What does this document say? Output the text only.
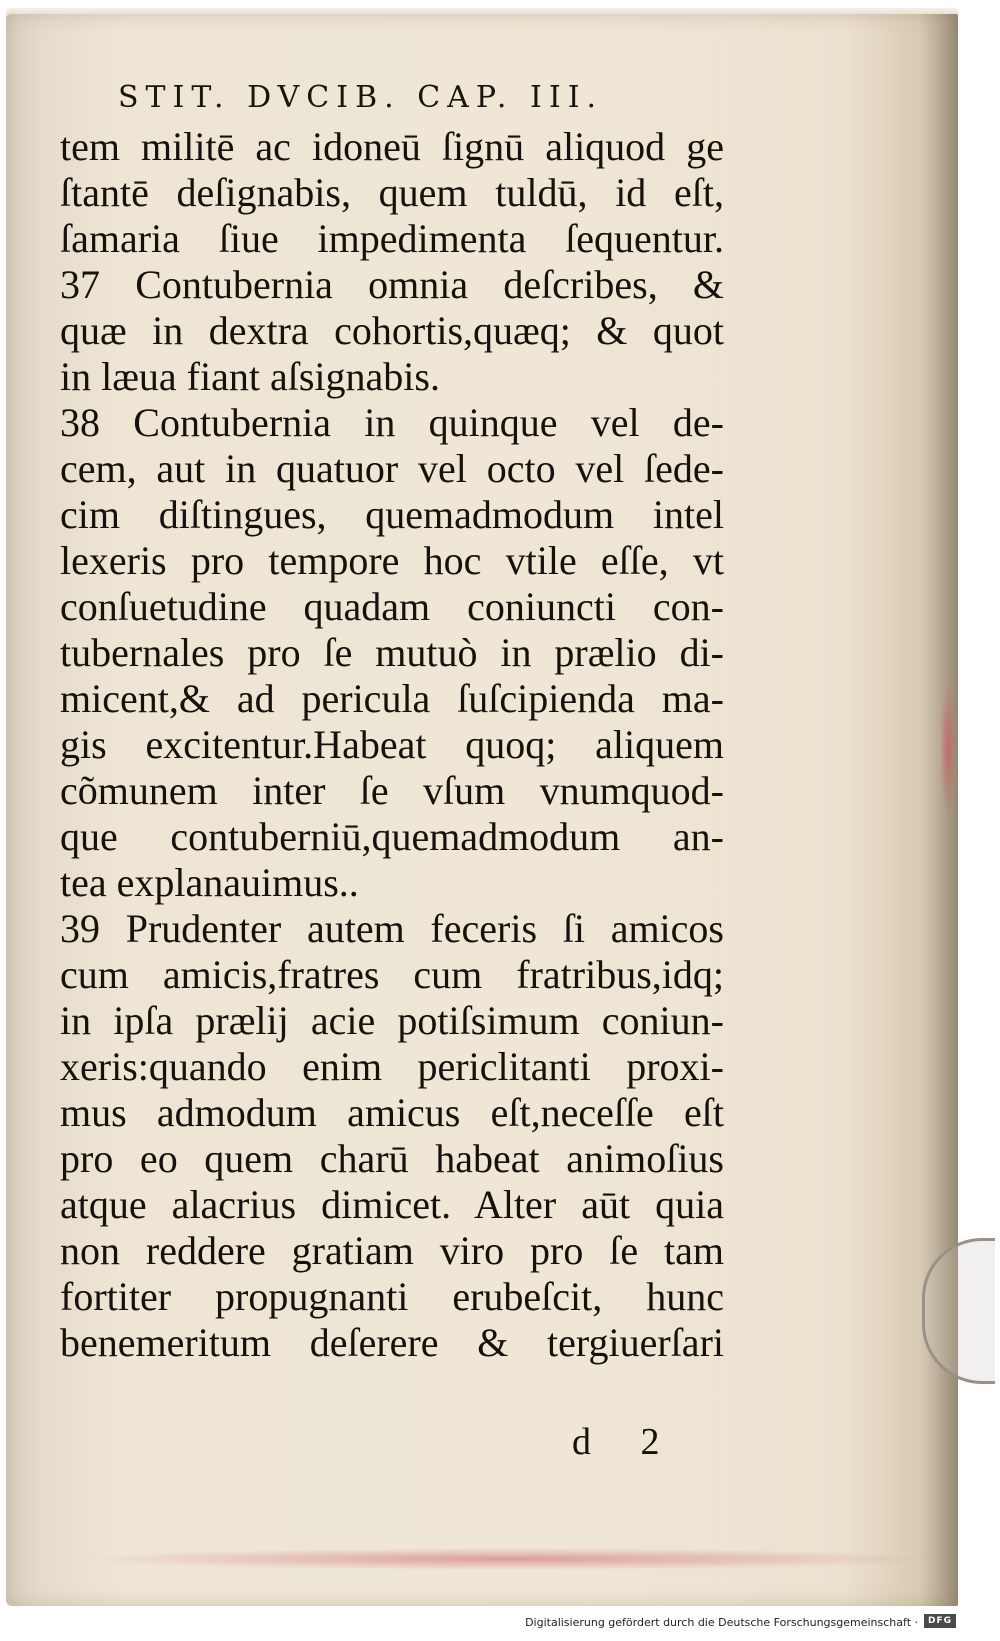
STIT. DVCIB. CAP. III.
tem militē ac idoneū ſignū aliquod ge
ſtantē deſignabis, quem tuldū, id eſt,
ſamaria ſiue impedimenta ſequentur.
37 Contubernia omnia deſcribes, &
quæ in dextra cohortis,quæq; & quot
in læua fiant aſsignabis.
38 Contubernia in quinque vel de-
cem, aut in quatuor vel octo vel ſede-
cim diſtingues, quemadmodum intel
lexeris pro tempore hoc vtile eſſe, vt
conſuetudine quadam coniuncti con-
tubernales pro ſe mutuò in prælio di-
micent,& ad pericula ſuſcipienda ma-
gis excitentur.Habeat quoq; aliquem
cõmunem inter ſe vſum vnumquod-
que contuberniū,quemadmodum an-
tea explanauimus..
39 Prudenter autem feceris ſi amicos
cum amicis,fratres cum fratribus,idq;
in ipſa prælij acie potiſsimum coniun-
xeris:quando enim periclitanti proxi-
mus admodum amicus eſt,neceſſe eſt
pro eo quem charū habeat animoſius
atque alacrius dimicet. Alter aūt quia
non reddere gratiam viro pro ſe tam
fortiter propugnanti erubeſcit, hunc
benemeritum deſerere & tergiuerſari
d 2
Digitalisierung gefördert durch die Deutsche Forschungsgemeinschaft ·	DFG
